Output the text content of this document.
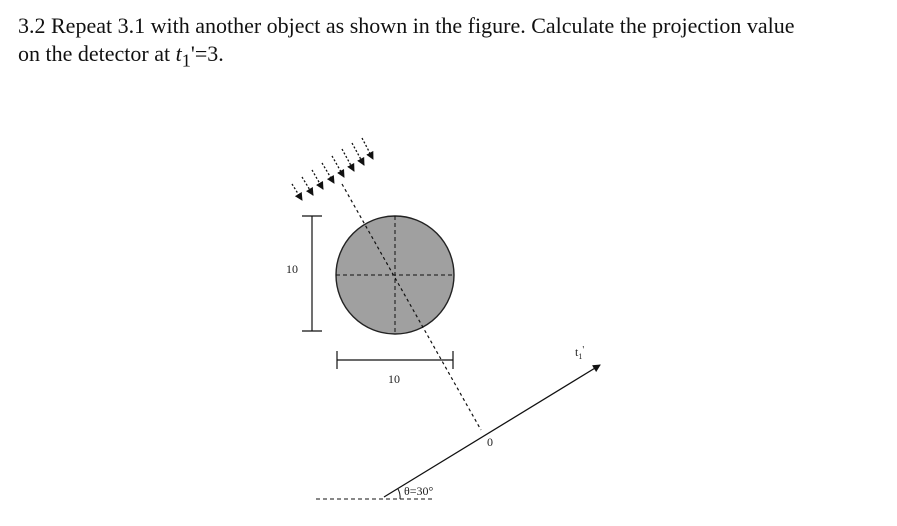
3.2 Repeat 3.1 with another object as shown in the figure. Calculate the projection value

on the detector at $t_1'=3$.

10
10
$t_1'$
0
θ=30°
